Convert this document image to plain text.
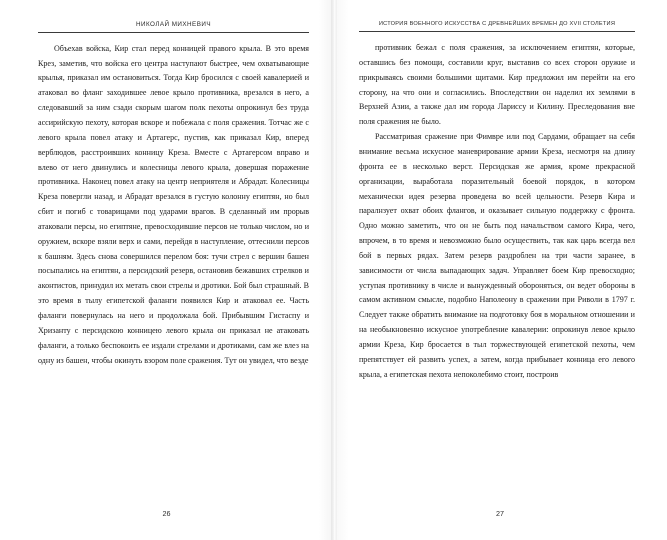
НИКОЛАЙ МИХНЕВИЧ

Объехав войска, Кир стал перед конницей правого крыла. В это время Крез, заметив, что войска его центра наступают быстрее, чем охватывающие крылья, приказал им остановиться. Тогда Кир бросился с своей кавалерией и атаковал во фланг заходившее левое крыло противника, врезался в него, а следовавший за ним сзади скорым шагом полк пехоты опрокинул без труда ассирийскую пехоту, которая вскоре и побежала с поля сражения. Тотчас же с левого крыла повел атаку и Артагерс, пустив, как приказал Кир, вперед верблюдов, расстроивших конницу Креза. Вместе с Артагерсом вправо и влево от него двинулись и колесницы левого крыла, довершая поражение противника. Наконец повел атаку на центр неприятеля и Абрадат. Колесницы Креза повергли назад, и Абрадат врезался в густую колонну египтян, но был сбит и погиб с товарищами под ударами врагов. В сделанный им прорыв атаковали персы, но египтяне, превосходившие персов не только числом, но и оружием, вскоре взяли верх и сами, перейдя в наступление, оттеснили персов к башням. Здесь снова совершился перелом боя: тучи стрел с вершин башен посыпались на египтян, а персидский резерв, остановив бежавших стрелков и аконтистов, принудил их метать свои стрелы и дротики. Бой был страшный. В это время в тылу египетской фаланги появился Кир и атаковал ее. Часть фаланги повернулась на него и продолжала бой. Прибывшим Гистаспу и Хризанту с персидскою конницею левого крыла он приказал не атаковать фаланги, а только беспокоить ее издали стрелами и дротиками, сам же влез на одну из башен, чтобы окинуть взором поле сражения. Тут он увидел, что везде

26
ИСТОРИЯ ВОЕННОГО ИСКУССТВА С ДРЕВНЕЙШИХ ВРЕМЕН ДО XVII СТОЛЕТИЯ

противник бежал с поля сражения, за исключением египтян, которые, оставшись без помощи, составили круг, выставив со всех сторон оружие и прикрываясь своими большими щитами. Кир предложил им перейти на его сторону, на что они и согласились. Впоследствии он наделил их землями в Верхней Азии, а также дал им города Лариссу и Килину. Преследования вне поля сражения не было.

Рассматривая сражение при Фимвре или под Сардами, обращает на себя внимание весьма искусное маневрирование армии Креза, несмотря на длину фронта ее в несколько верст. Персидская же армия, кроме прекрасной организации, выработала поразительный боевой порядок, в котором механически идея резерва проведена во всей цельности. Резерв Кира и паралнзует охват обоих флангов, и оказывает сильную поддержку с фронта. Одно можно заметить, что он не быть под начальством самого Кира, чего, впрочем, в то время и невозможно было осуществить, так как царь всегда вел бой в первых рядах. Затем резерв раздроблен на три части заранее, в зависимости от числа выпадающих задач. Управляет боем Кир превосходно; уступая противнику в числе и вынужденный обороняться, он ведет обороны в самом активном смысле, подобно Наполеону в сражении при Риволи в 1797 г. Следует также обратить внимание на подготовку боя в моральном отношении и на необыкновенно искусное употребление кавалерии: опрокинув левое крыло армии Креза, Кир бросается в тыл торжествующей египетской пехоты, чем препятствует ей развить успех, а затем, когда прибывает конница его левого крыла, а египетская пехота непоколебимо стоит, построив

27
